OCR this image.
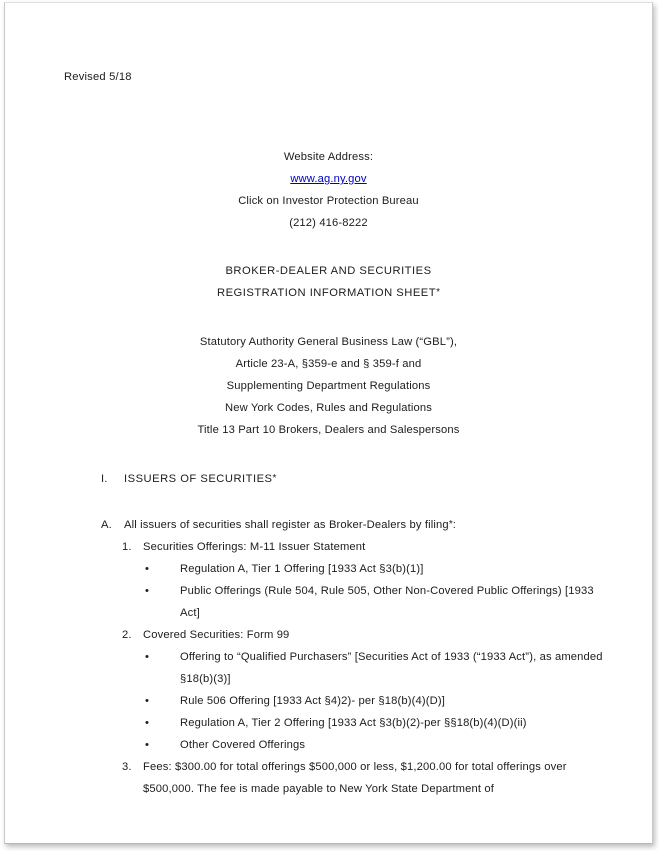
Revised 5/18
Website Address:
www.ag.ny.gov
Click on Investor Protection Bureau
(212) 416-8222
BROKER-DEALER AND SECURITIES
REGISTRATION INFORMATION SHEET*
Statutory Authority General Business Law (“GBL”),
Article 23-A, §359-e and § 359-f and
Supplementing Department Regulations
New York Codes, Rules and Regulations
Title 13 Part 10 Brokers, Dealers and Salespersons
I.	ISSUERS OF SECURITIES*
A.	All issuers of securities shall register as Broker-Dealers by filing*:
1.	Securities Offerings: M-11 Issuer Statement
•	Regulation A, Tier 1 Offering [1933 Act §3(b)(1)]
•	Public Offerings (Rule 504, Rule 505, Other Non-Covered Public Offerings) [1933 Act]
2.	Covered Securities: Form 99
•	Offering to “Qualified Purchasers” [Securities Act of 1933 (“1933 Act”), as amended §18(b)(3)]
•	Rule 506 Offering [1933 Act §4)2)- per §18(b)(4)(D)]
•	Regulation A, Tier 2 Offering [1933 Act §3(b)(2)-per §§18(b)(4)(D)(ii)
•	Other Covered Offerings
3.	Fees: $300.00 for total offerings $500,000 or less, $1,200.00 for total offerings over $500,000. The fee is made payable to New York State Department of
